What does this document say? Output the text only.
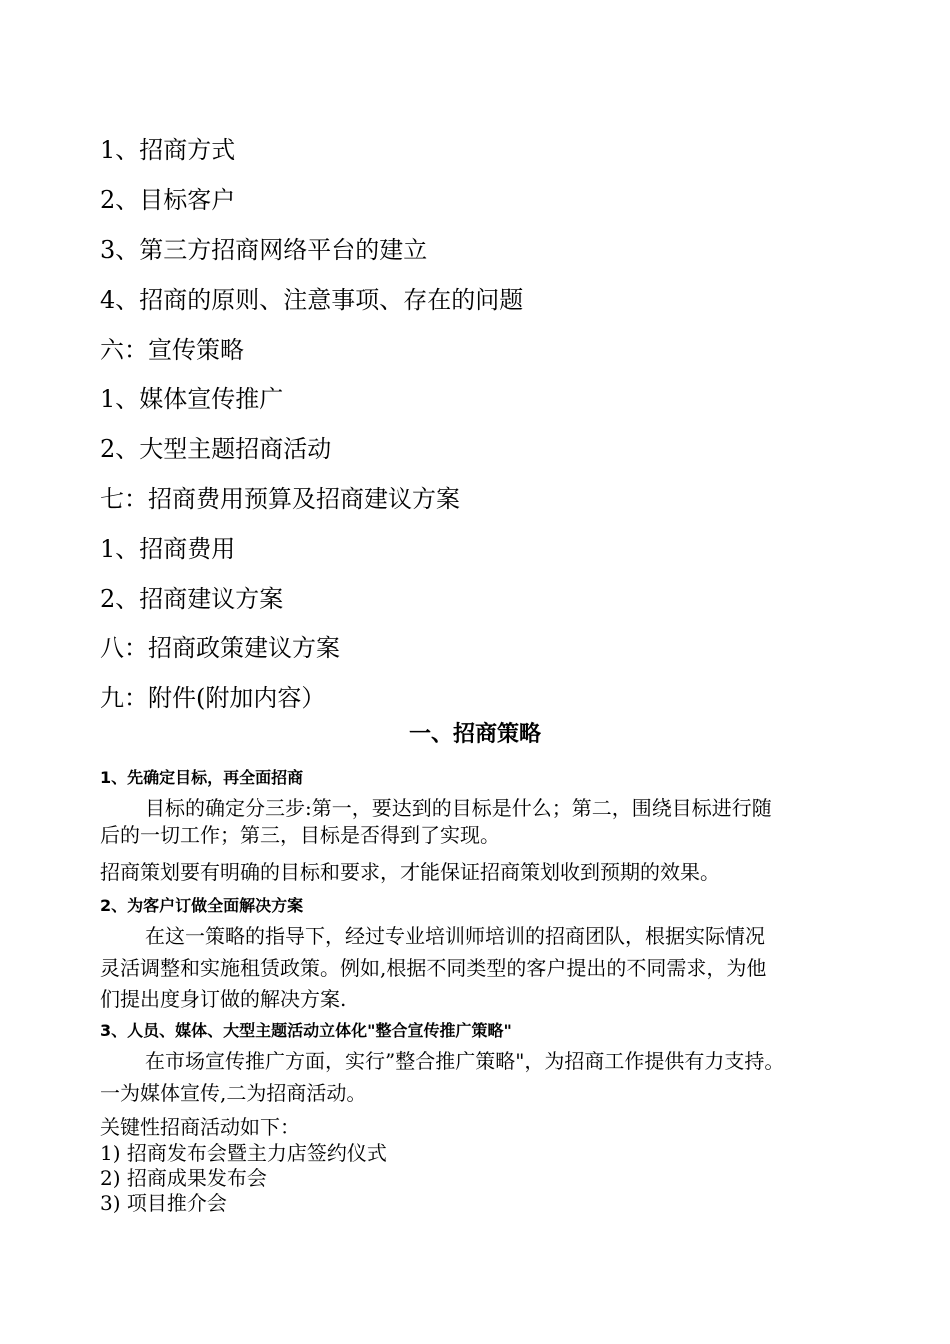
1、招商方式
2、目标客户
3、第三方招商网络平台的建立
4、招商的原则、注意事项、存在的问题
六：宣传策略
1、媒体宣传推广
2、大型主题招商活动
七：招商费用预算及招商建议方案
1、招商费用
2、招商建议方案
八：招商政策建议方案
九：附件(附加内容）
一、招商策略
1、先确定目标，再全面招商
目标的确定分三步:第一，要达到的目标是什么；第二，围绕目标进行随
后的一切工作；第三，目标是否得到了实现。
招商策划要有明确的目标和要求，才能保证招商策划收到预期的效果。
2、为客户订做全面解决方案
在这一策略的指导下，经过专业培训师培训的招商团队，根据实际情况
灵活调整和实施租赁政策。例如,根据不同类型的客户提出的不同需求，为他
们提出度身订做的解决方案.
3、人员、媒体、大型主题活动立体化"整合宣传推广策略"
在市场宣传推广方面，实行”整合推广策略"，为招商工作提供有力支持。
一为媒体宣传,二为招商活动。
关键性招商活动如下：
1) 招商发布会暨主力店签约仪式
2) 招商成果发布会
3) 项目推介会
